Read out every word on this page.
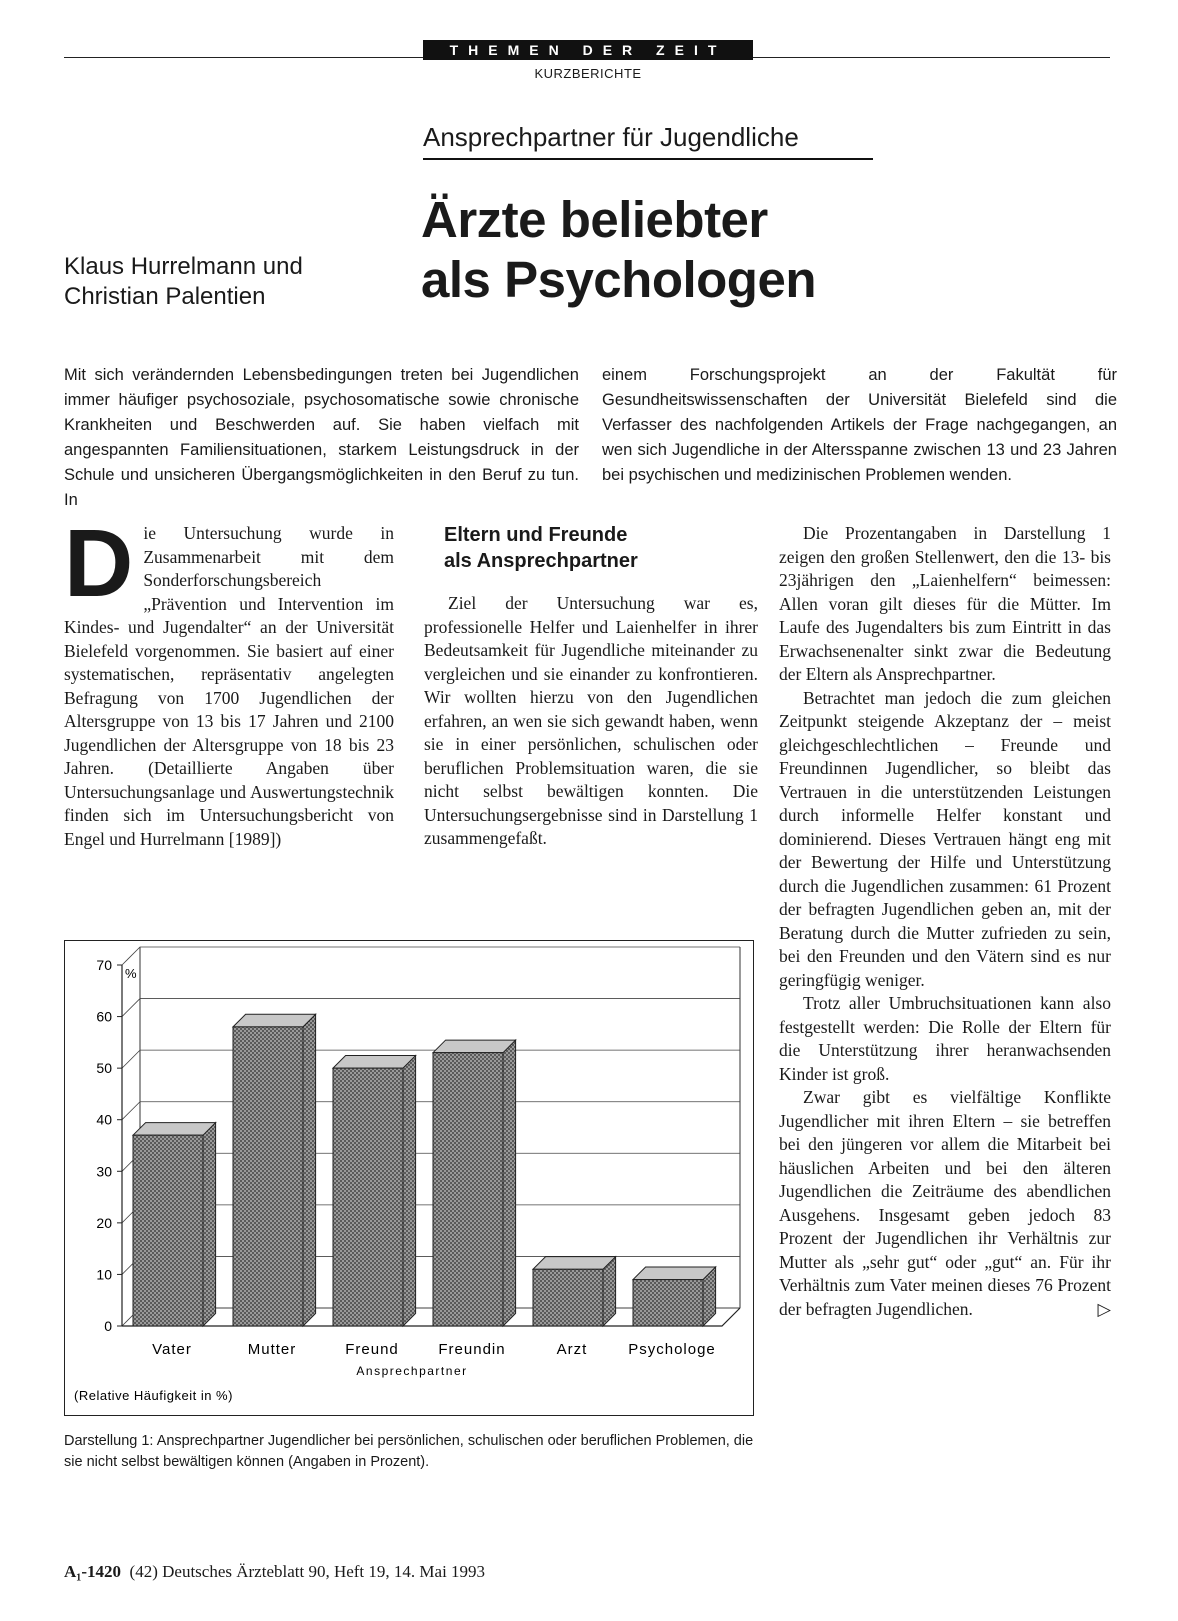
THEMEN DER ZEIT
KURZBERICHTE
Ansprechpartner für Jugendliche
Ärzte beliebter
als Psychologen
Klaus Hurrelmann und
Christian Palentien
Mit sich verändernden Lebensbedingungen treten bei Jugendlichen immer häufiger psychosoziale, psychosomatische sowie chronische Krankheiten und Beschwerden auf. Sie haben vielfach mit angespannten Familiensituationen, starkem Leistungsdruck in der Schule und unsicheren Übergangsmöglichkeiten in den Beruf zu tun. In
einem Forschungsprojekt an der Fakultät für Gesundheitswissenschaften der Universität Bielefeld sind die Verfasser des nachfolgenden Artikels der Frage nachgegangen, an wen sich Jugendliche in der Altersspanne zwischen 13 und 23 Jahren bei psychischen und medizinischen Problemen wenden.

Die Untersuchung wurde in Zusammenarbeit mit dem Sonderforschungsbereich „Prävention und Intervention im Kindes- und Jugendalter“ an der Universität Bielefeld vorgenommen. Sie basiert auf einer systematischen, repräsentativ angelegten Befragung von 1700 Jugendlichen der Altersgruppe von 13 bis 17 Jahren und 2100 Jugendlichen der Altersgruppe von 18 bis 23 Jahren. (Detaillierte Angaben über Untersuchungsanlage und Auswertungstechnik finden sich im Untersuchungsbericht von Engel und Hurrelmann [1989])

Eltern und Freunde
als Ansprechpartner

Ziel der Untersuchung war es, professionelle Helfer und Laienhelfer in ihrer Bedeutsamkeit für Jugendliche miteinander zu vergleichen und sie einander zu konfrontieren. Wir wollten hierzu von den Jugendlichen erfahren, an wen sie sich gewandt haben, wenn sie in einer persönlichen, schulischen oder beruflichen Problemsituation waren, die sie nicht selbst bewältigen konnten. Die Untersuchungsergebnisse sind in Darstellung 1 zusammengefaßt.

Die Prozentangaben in Darstellung 1 zeigen den großen Stellenwert, den die 13- bis 23jährigen den „Laienhelfern“ beimessen: Allen voran gilt dieses für die Mütter. Im Laufe des Jugendalters bis zum Eintritt in das Erwachsenenalter sinkt zwar die Bedeutung der Eltern als Ansprechpartner.

Betrachtet man jedoch die zum gleichen Zeitpunkt steigende Akzeptanz der – meist gleichgeschlechtlichen – Freunde und Freundinnen Jugendlicher, so bleibt das Vertrauen in die unterstützenden Leistungen durch informelle Helfer konstant und dominierend. Dieses Vertrauen hängt eng mit der Bewertung der Hilfe und Unterstützung durch die Jugendlichen zusammen: 61 Prozent der befragten Jugendlichen geben an, mit der Beratung durch die Mutter zufrieden zu sein, bei den Freunden und den Vätern sind es nur geringfügig weniger.

Trotz aller Umbruchsituationen kann also festgestellt werden: Die Rolle der Eltern für die Unterstützung ihrer heranwachsenden Kinder ist groß.

Zwar gibt es vielfältige Konflikte Jugendlicher mit ihren Eltern – sie betreffen bei den jüngeren vor allem die Mitarbeit bei häuslichen Arbeiten und bei den älteren Jugendlichen die Zeiträume des abendlichen Ausgehens. Insgesamt geben jedoch 83 Prozent der Jugendlichen ihr Verhältnis zur Mutter als „sehr gut“ oder „gut“ an. Für ihr Verhältnis zum Vater meinen dieses 76 Prozent der befragten Jugendlichen.	▷

0
10
20
30
40
50
60
70
Vater	Mutter	Freund	Freundin	Arzt	Psychologe
%
Ansprechpartner
(Relative Häufigkeit in %)
Darstellung 1: Ansprechpartner Jugendlicher bei persönlichen, schulischen oder beruflichen Problemen, die sie nicht selbst bewältigen können (Angaben in Prozent).
A₁-1420 (42) Deutsches Ärzteblatt 90, Heft 19, 14. Mai 1993
